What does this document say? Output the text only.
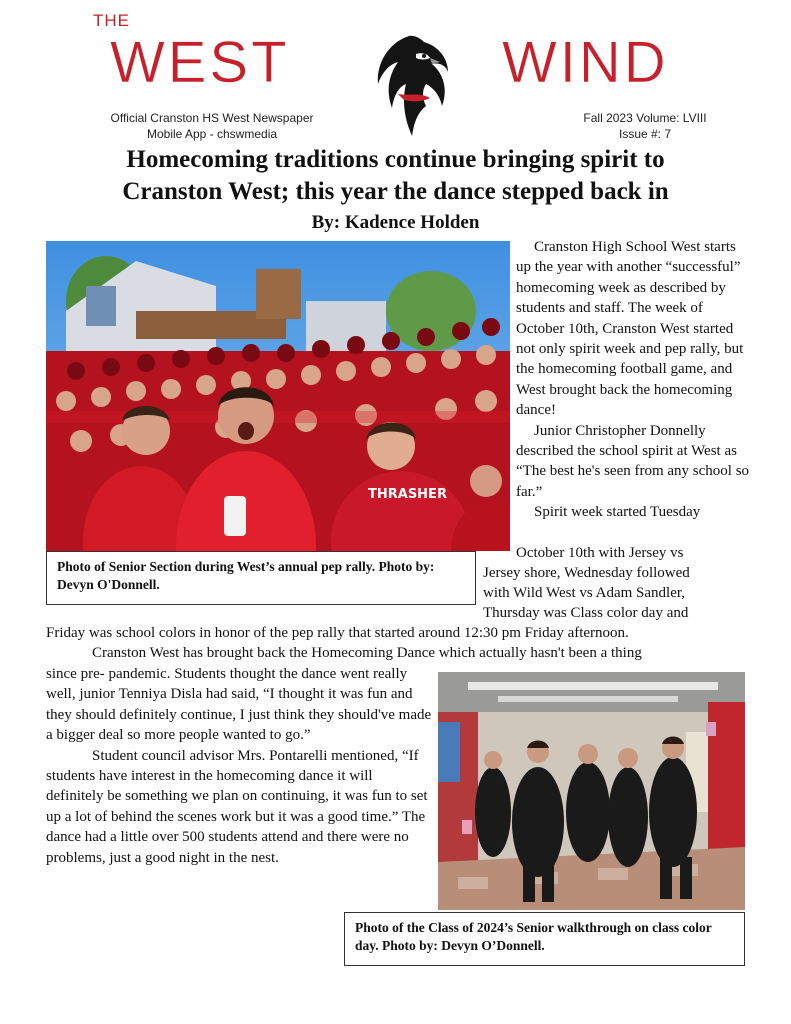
THE
WEST	WIND
Official Cranston HS West Newspaper
Mobile App - chswmedia
Fall 2023 Volume: LVIII
Issue #: 7
Homecoming traditions continue bringing spirit to
Cranston West; this year the dance stepped back in
By: Kadence Holden
THRASHER
Photo of Senior Section during West’s annual pep rally. Photo by: Devyn O'Donnell.

Cranston High School West starts up the year with another “successful” homecoming week as described by students and staff. The week of October 10th, Cranston West started not only spirit week and pep rally, but the homecoming football game, and West brought back the homecoming dance!

Junior Christopher Donnelly described the school spirit at West as “The best he's seen from any school so far.”

Spirit week started Tuesday

October 10th with Jersey vs
Jersey shore, Wednesday followed
with Wild West vs Adam Sandler,
Thursday was Class color day and
Friday was school colors in honor of the pep rally that started around 12:30 pm Friday afternoon.
Cranston West has brought back the Homecoming Dance which actually hasn't been a thing

since pre- pandemic. Students thought the dance went really well, junior Tenniya Disla had said, “I thought it was fun and they should definitely continue, I just think they should've made a bigger deal so more people wanted to go.”

Student council advisor Mrs. Pontarelli mentioned, “If students have interest in the homecoming dance it will definitely be something we plan on continuing, it was fun to set up a lot of behind the scenes work but it was a good time.” The dance had a little over 500 students attend and there were no problems, just a good night in the nest.

Photo of the Class of 2024’s Senior walkthrough on class color day. Photo by: Devyn O’Donnell.
